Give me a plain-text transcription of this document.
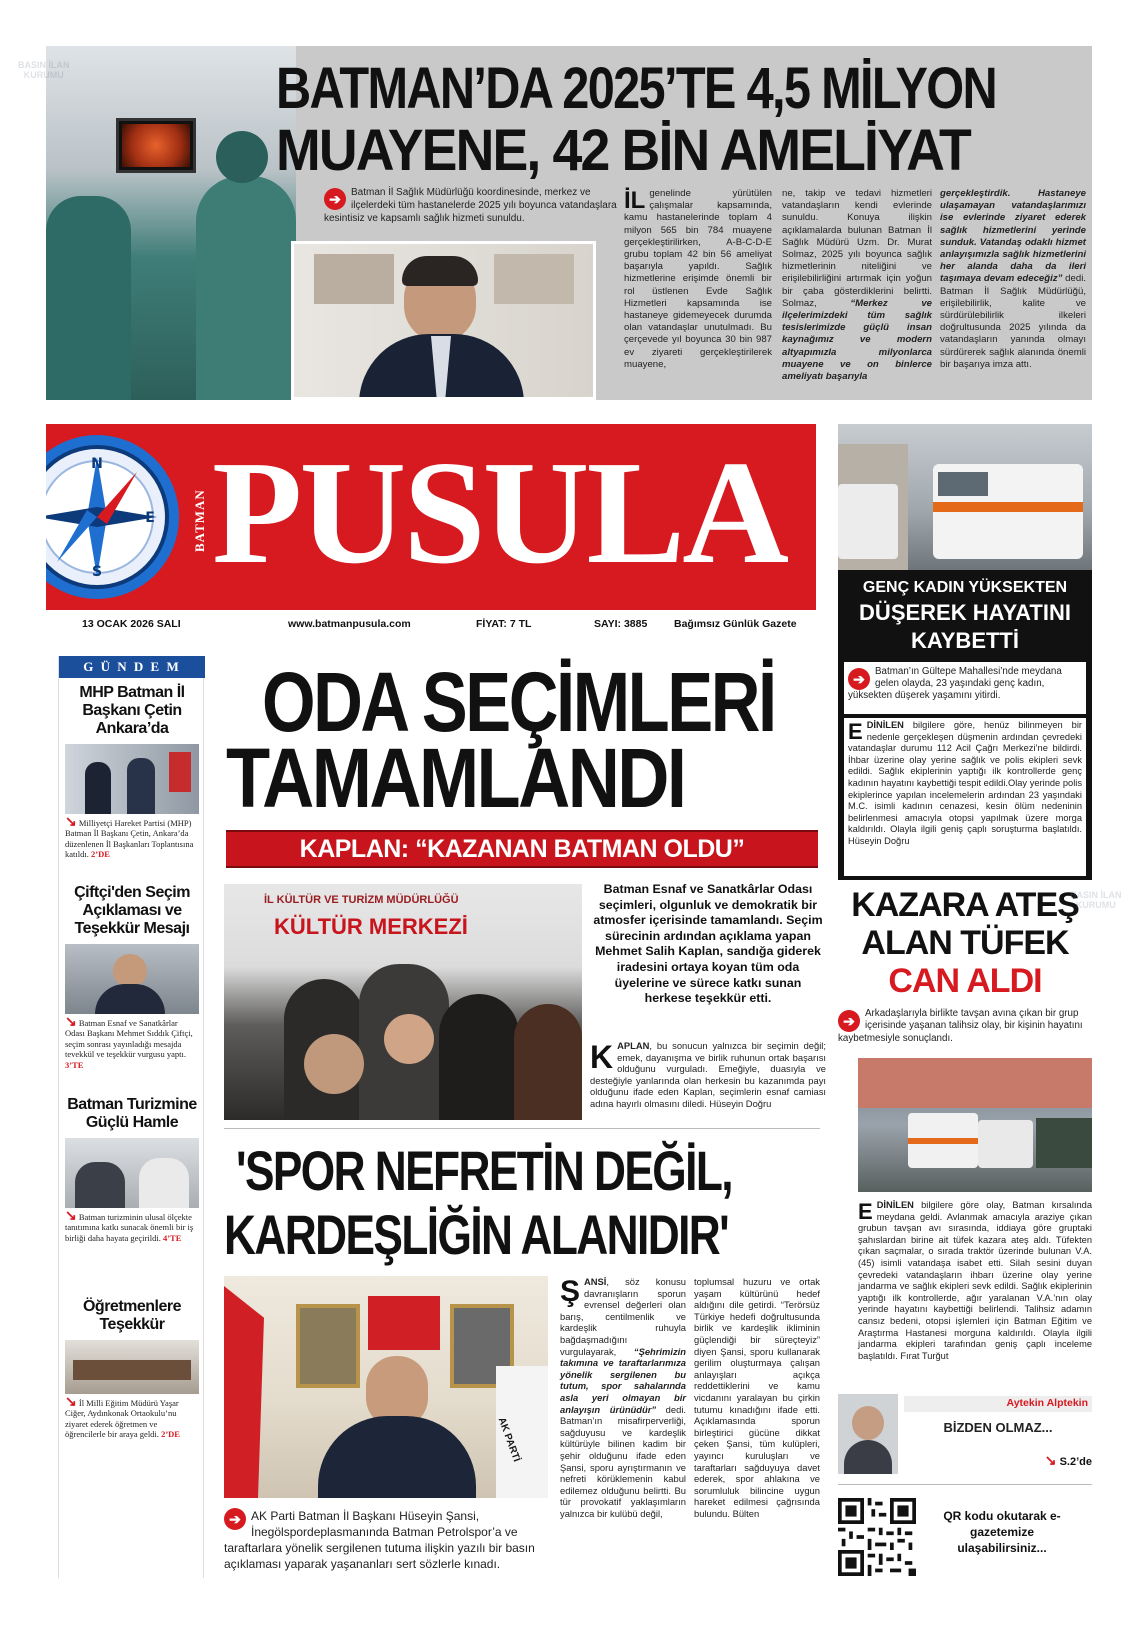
BATMAN’DA 2025’TE 4,5 MİLYON
MUAYENE, 42 BİN AMELİYAT
➔	Batman İl Sağlık Müdürlüğü koordinesinde, merkez ve ilçelerdeki tüm hastanelerde 2025 yılı boyunca vatandaşlara kesintisiz ve kapsamlı sağlık hizmeti sunuldu.
İL genelinde yürütülen çalışmalar kapsamında, kamu hastanelerinde toplam 4 milyon 565 bin 784 muayene gerçekleştirilirken, A-B-C-D-E grubu toplam 42 bin 56 ameliyat başarıyla yapıldı. Sağlık hizmetlerine erişimde önemli bir rol üstlenen Evde Sağlık Hizmetleri kapsamında ise hastaneye gidemeyecek durumda olan vatandaşlar unutulmadı. Bu çerçevede yıl boyunca 30 bin 987 ev ziyareti gerçekleştirilerek muayene,
ne, takip ve tedavi hizmetleri vatandaşların kendi evlerinde sunuldu. Konuya ilişkin açıklamalarda bulunan Batman İl Sağlık Müdürü Uzm. Dr. Murat Solmaz, 2025 yılı boyunca sağlık hizmetlerinin niteliğini ve erişilebilirliğini artırmak için yoğun bir çaba gösterdiklerini belirtti. Solmaz, “Merkez ve ilçelerimizdeki tüm sağlık tesislerimizde güçlü insan kaynağımız ve modern altyapımızla milyonlarca muayene ve on binlerce ameliyatı başarıyla
gerçekleştirdik. Hastaneye ulaşamayan vatandaşlarımızı ise evlerinde ziyaret ederek sağlık hizmetlerini yerinde sunduk. Vatandaş odaklı hizmet anlayışımızla sağlık hizmetlerini her alanda daha da ileri taşımaya devam edeceğiz” dedi. Batman İl Sağlık Müdürlüğü, erişilebilirlik, kalite ve sürdürülebilirlik ilkeleri doğrultusunda 2025 yılında da vatandaşların yanında olmayı sürdürerek sağlık alanında önemli bir başarıya imza attı.
N
E
S
BATMAN PUSULA
13 OCAK 2026 SALI	www.batmanpusula.com	FİYAT: 7 TL	SAYI: 3885	Bağımsız Günlük Gazete
GENÇ KADIN YÜKSEKTEN
DÜŞEREK HAYATINI
KAYBETTİ
➔	Batman’ın Gültepe Mahallesi’nde meydana gelen olayda, 23 yaşındaki genç kadın, yüksekten düşerek yaşamını yitirdi.
EDİNİLEN bilgilere göre, henüz bilinmeyen bir nedenle gerçekleşen düşmenin ardından çevredeki vatandaşlar durumu 112 Acil Çağrı Merkezi’ne bildirdi. İhbar üzerine olay yerine sağlık ve polis ekipleri sevk edildi. Sağlık ekiplerinin yaptığı ilk kontrollerde genç kadının hayatını kaybettiği tespit edildi.Olay yerinde polis ekiplerince yapılan incelemelerin ardından 23 yaşındaki M.C. isimli kadının cenazesi, kesin ölüm nedeninin belirlenmesi amacıyla otopsi yapılmak üzere morga kaldırıldı. Olayla ilgili geniş çaplı soruşturma başlatıldı. Hüseyin Doğru
G Ü N D E M
MHP Batman İl Başkanı Çetin Ankara’da
↘ Milliyetçi Hareket Partisi (MHP) Batman İl Başkanı Çetin, Ankara’da düzenlenen İl Başkanları Toplantısına katıldı. 2’DE
Çiftçi'den Seçim Açıklaması ve Teşekkür Mesajı
↘ Batman Esnaf ve Sanatkârlar Odası Başkanı Mehmet Sıddık Çiftçi, seçim sonrası yayınladığı mesajda tevekkül ve teşekkür vurgusu yaptı. 3’TE
Batman Turizmine Güçlü Hamle
↘ Batman turizminin ulusal ölçekte tanıtımına katkı sunacak önemli bir iş birliği daha hayata geçirildi. 4’TE
Öğretmenlere Teşekkür
↘ İl Milli Eğitim Müdürü Yaşar Ciğer, Aydınkonak Ortaokulu’nu ziyaret ederek öğretmen ve öğrencilerle bir araya geldi. 2’DE
ODA SEÇİMLERİ
TAMAMLANDI
KAPLAN: “KAZANAN BATMAN OLDU”
İL KÜLTÜR VE TURİZM MÜDÜRLÜĞÜ
KÜLTÜR MERKEZİ
Batman Esnaf ve Sanatkârlar Odası seçimleri, olgunluk ve demokratik bir atmosfer içerisinde tamamlandı. Seçim sürecinin ardından açıklama yapan Mehmet Salih Kaplan, sandığa giderek iradesini ortaya koyan tüm oda üyelerine ve sürece katkı sunan herkese teşekkür etti.
KAPLAN, bu sonucun yalnızca bir seçimin değil; emek, dayanışma ve birlik ruhunun ortak başarısı olduğunu vurguladı. Emeğiyle, duasıyla ve desteğiyle yanlarında olan herkesin bu kazanımda payı olduğunu ifade eden Kaplan, seçimlerin esnaf camiası adına hayırlı olmasını diledi. Hüseyin Doğru
KAZARA ATEŞ
ALAN TÜFEK
CAN ALDI
➔	Arkadaşlarıyla birlikte tavşan avına çıkan bir grup içerisinde yaşanan talihsiz olay, bir kişinin hayatını kaybetmesiyle sonuçlandı.
EDİNİLEN bilgilere göre olay, Batman kırsalında meydana geldi. Avlanmak amacıyla araziye çıkan grubun tavşan avı sırasında, iddiaya göre gruptaki şahıslardan birine ait tüfek kazara ateş aldı. Tüfekten çıkan saçmalar, o sırada traktör üzerinde bulunan V.A. (45) isimli vatandaşa isabet etti. Silah sesini duyan çevredeki vatandaşların ihbarı üzerine olay yerine jandarma ve sağlık ekipleri sevk edildi. Sağlık ekiplerinin yaptığı ilk kontrollerde, ağır yaralanan V.A.’nın olay yerinde hayatını kaybettiği belirlendi. Talihsiz adamın cansız bedeni, otopsi işlemleri için Batman Eğitim ve Araştırma Hastanesi morguna kaldırıldı. Olayla ilgili jandarma ekipleri tarafından geniş çaplı inceleme başlatıldı. Fırat Turğut
'SPOR NEFRETİN DEĞİL,
KARDEŞLİĞİN ALANIDIR'
AK PARTİ
➔ AK Parti Batman İl Başkanı Hüseyin Şansi, İnegölspordeplasmanında Batman Petrolspor’a ve taraftarlara yönelik sergilenen tutuma ilişkin yazılı bir basın açıklaması yaparak yaşananları sert sözlerle kınadı.
ŞANSİ, söz konusu davranışların sporun evrensel değerleri olan barış, centilmenlik ve kardeşlik ruhuyla bağdaşmadığını vurgulayarak, “Şehrimizin takımına ve taraftarlarımıza yönelik sergilenen bu tutum, spor sahalarında asla yeri olmayan bir anlayışın ürünüdür” dedi. Batman’ın misafirperverliği, sağduyusu ve kardeşlik kültürüyle bilinen kadim bir şehir olduğunu ifade eden Şansi, sporu ayrıştırmanın ve nefreti körüklemenin kabul edilemez olduğunu belirtti. Bu tür provokatif yaklaşımların yalnızca bir kulübü değil,
toplumsal huzuru ve ortak yaşam kültürünü hedef aldığını dile getirdi. “Terörsüz Türkiye hedefi doğrultusunda birlik ve kardeşlik ikliminin güçlendiği bir süreçteyiz” diyen Şansi, sporu kullanarak gerilim oluşturmaya çalışan anlayışları açıkça reddettiklerini ve kamu vicdanını yaralayan bu çirkin tutumu kınadığını ifade etti. Açıklamasında sporun birleştirici gücüne dikkat çeken Şansi, tüm kulüpleri, yayıncı kuruluşları ve taraftarları sağduyuya davet ederek, spor ahlakına ve sorumluluk bilincine uygun hareket edilmesi çağrısında bulundu. Bülten
Aytekin Alptekin
BİZDEN OLMAZ...
↘ S.2’de
QR kodu okutarak e-gazetemize ulaşabilirsiniz...
BASIN İLAN
KURUMU
BASIN İLAN
KURUMU
